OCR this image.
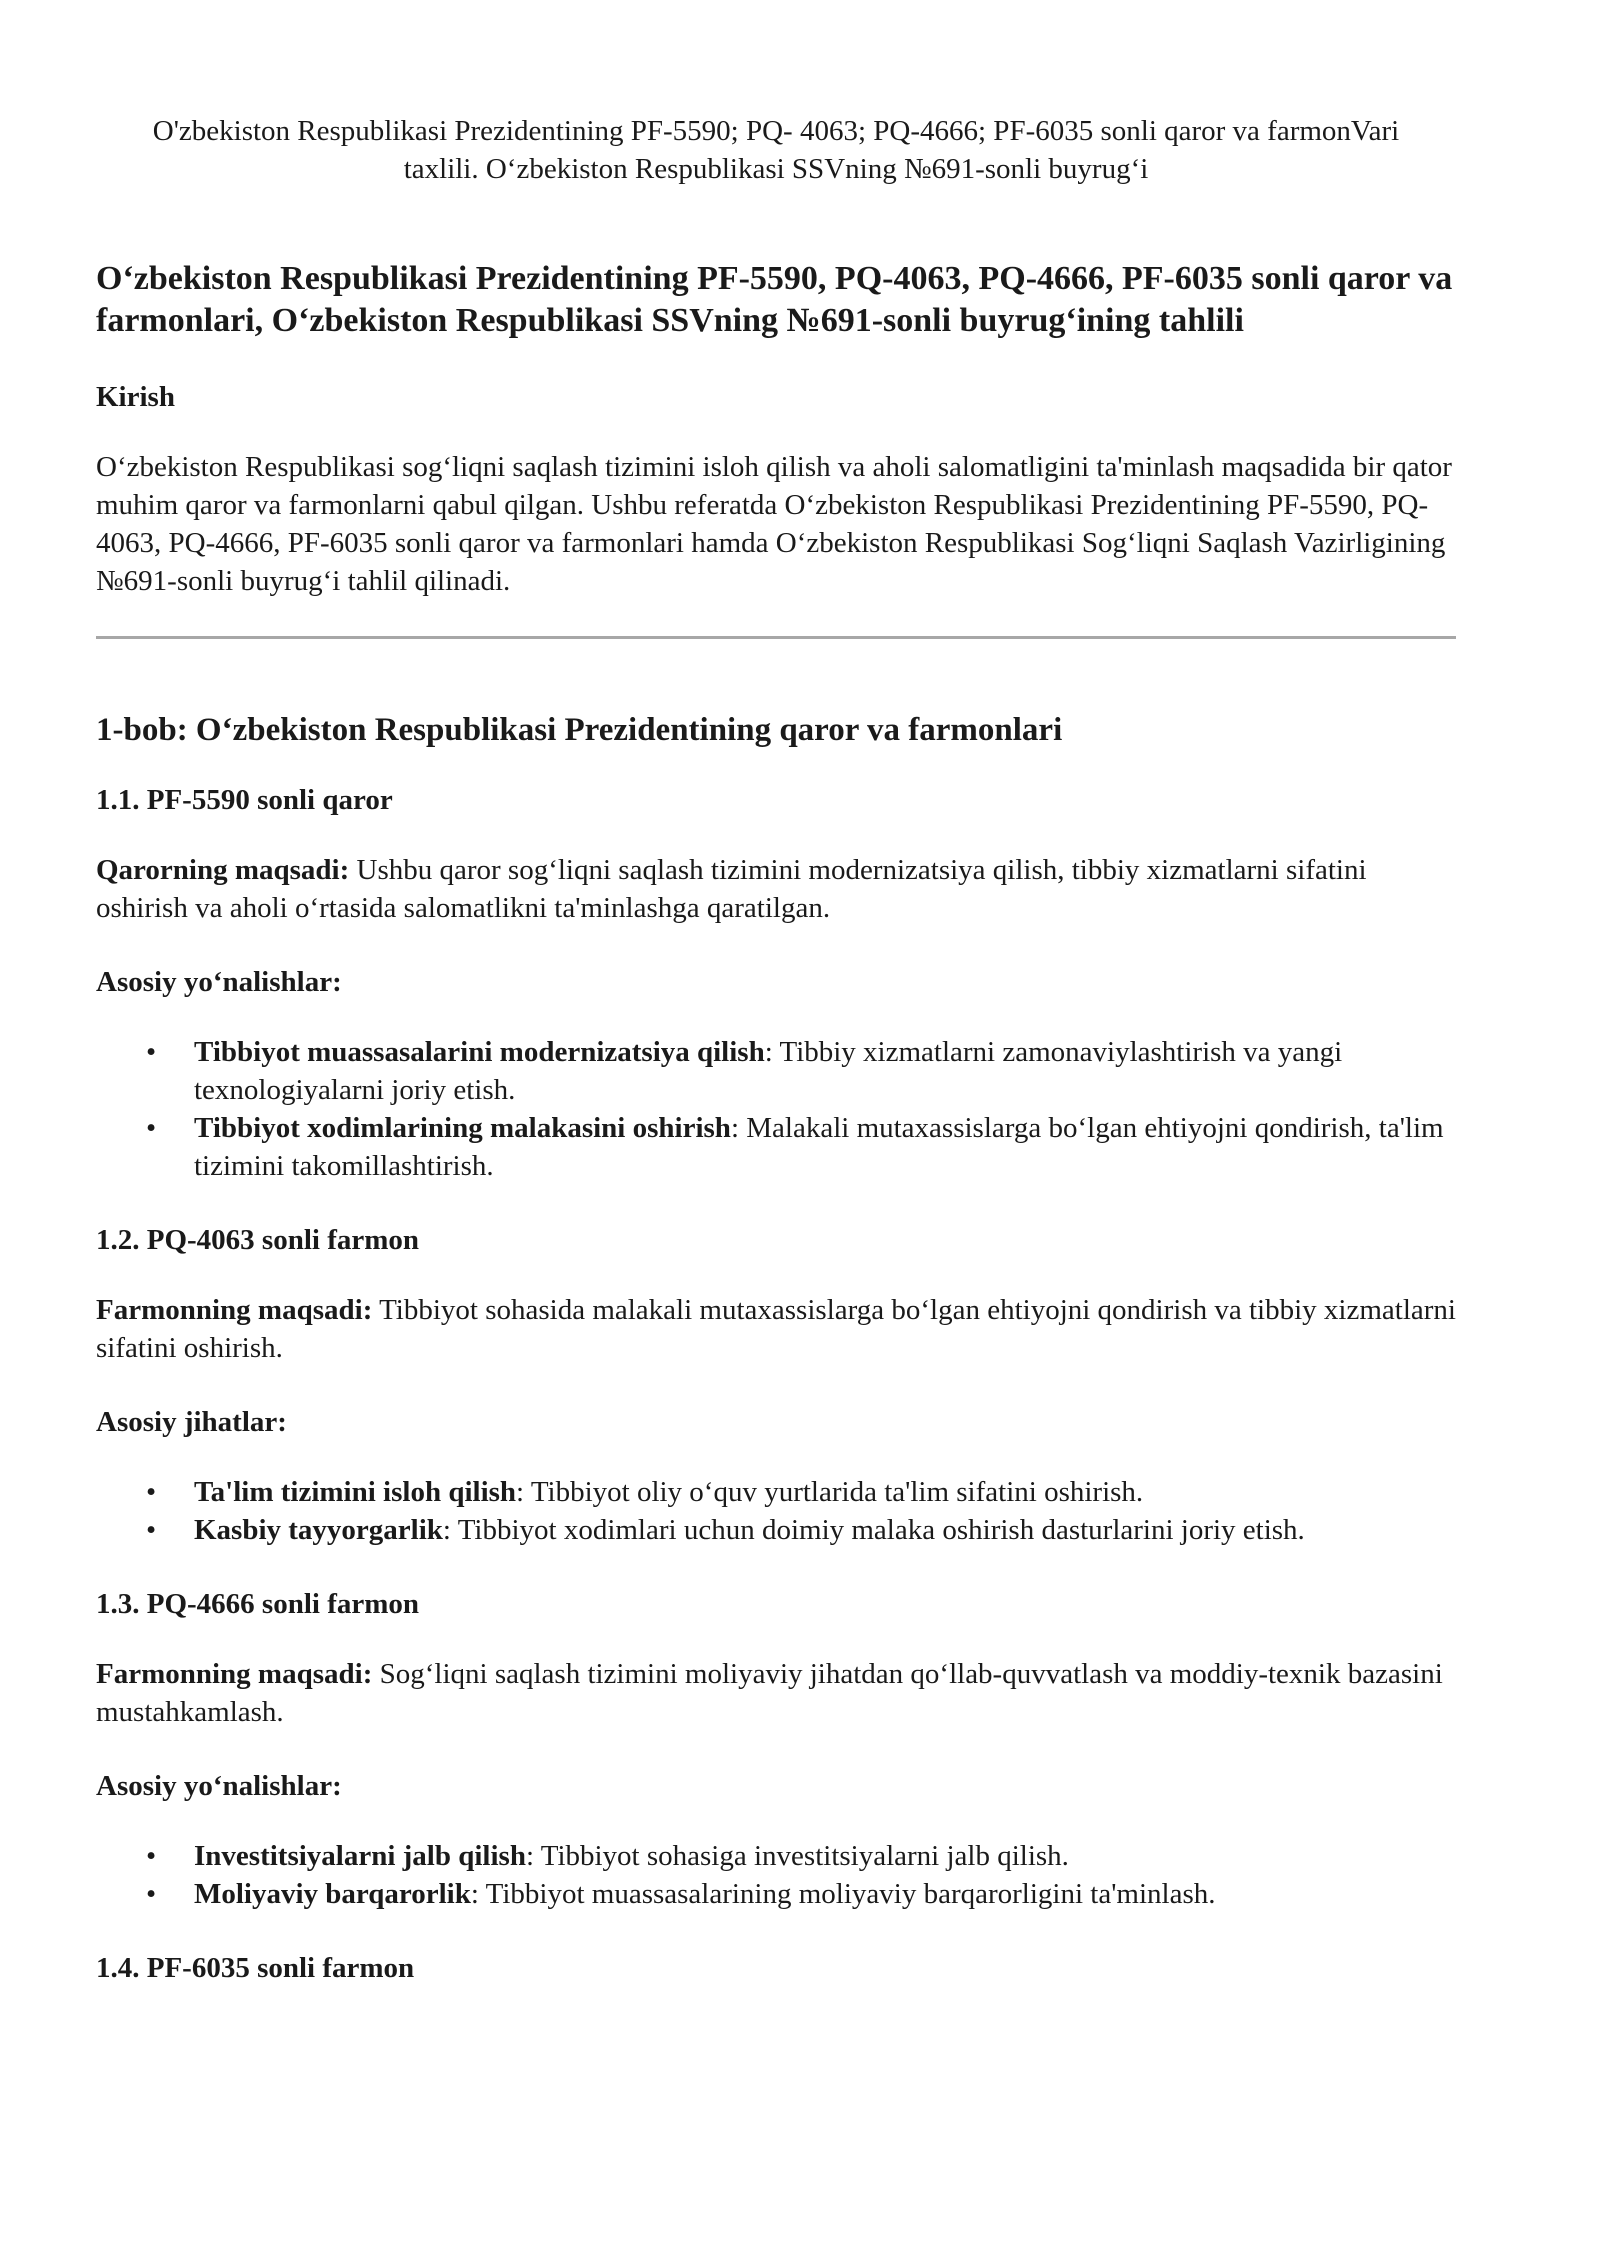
O'zbekiston Respublikasi Prezidentining PF-5590; PQ- 4063; PQ-4666; PF-6035 sonli qaror va farmonVari taxlili. O‘zbekiston Respublikasi SSVning №691-sonli buyrug‘i
O‘zbekiston Respublikasi Prezidentining PF-5590, PQ-4063, PQ-4666, PF-6035 sonli qaror va farmonlari, O‘zbekiston Respublikasi SSVning №691-sonli buyrug‘ining tahlili
Kirish

O‘zbekiston Respublikasi sog‘liqni saqlash tizimini isloh qilish va aholi salomatligini ta'minlash maqsadida bir qator muhim qaror va farmonlarni qabul qilgan. Ushbu referatda O‘zbekiston Respublikasi Prezidentining PF-5590, PQ-4063, PQ-4666, PF-6035 sonli qaror va farmonlari hamda O‘zbekiston Respublikasi Sog‘liqni Saqlash Vazirligining №691-sonli buyrug‘i tahlil qilinadi.

1-bob: O‘zbekiston Respublikasi Prezidentining qaror va farmonlari
1.1. PF-5590 sonli qaror

Qarorning maqsadi: Ushbu qaror sog‘liqni saqlash tizimini modernizatsiya qilish, tibbiy xizmatlarni sifatini oshirish va aholi o‘rtasida salomatlikni ta'minlashga qaratilgan.

Asosiy yo‘nalishlar:
• Tibbiyot muassasalarini modernizatsiya qilish: Tibbiy xizmatlarni zamonaviylashtirish va yangi texnologiyalarni joriy etish.
• Tibbiyot xodimlarining malakasini oshirish: Malakali mutaxassislarga bo‘lgan ehtiyojni qondirish, ta'lim tizimini takomillashtirish.
1.2. PQ-4063 sonli farmon

Farmonning maqsadi: Tibbiyot sohasida malakali mutaxassislarga bo‘lgan ehtiyojni qondirish va tibbiy xizmatlarni sifatini oshirish.

Asosiy jihatlar:
• Ta'lim tizimini isloh qilish: Tibbiyot oliy o‘quv yurtlarida ta'lim sifatini oshirish.
• Kasbiy tayyorgarlik: Tibbiyot xodimlari uchun doimiy malaka oshirish dasturlarini joriy etish.
1.3. PQ-4666 sonli farmon

Farmonning maqsadi: Sog‘liqni saqlash tizimini moliyaviy jihatdan qo‘llab-quvvatlash va moddiy-texnik bazasini mustahkamlash.

Asosiy yo‘nalishlar:
• Investitsiyalarni jalb qilish: Tibbiyot sohasiga investitsiyalarni jalb qilish.
• Moliyaviy barqarorlik: Tibbiyot muassasalarining moliyaviy barqarorligini ta'minlash.
1.4. PF-6035 sonli farmon
